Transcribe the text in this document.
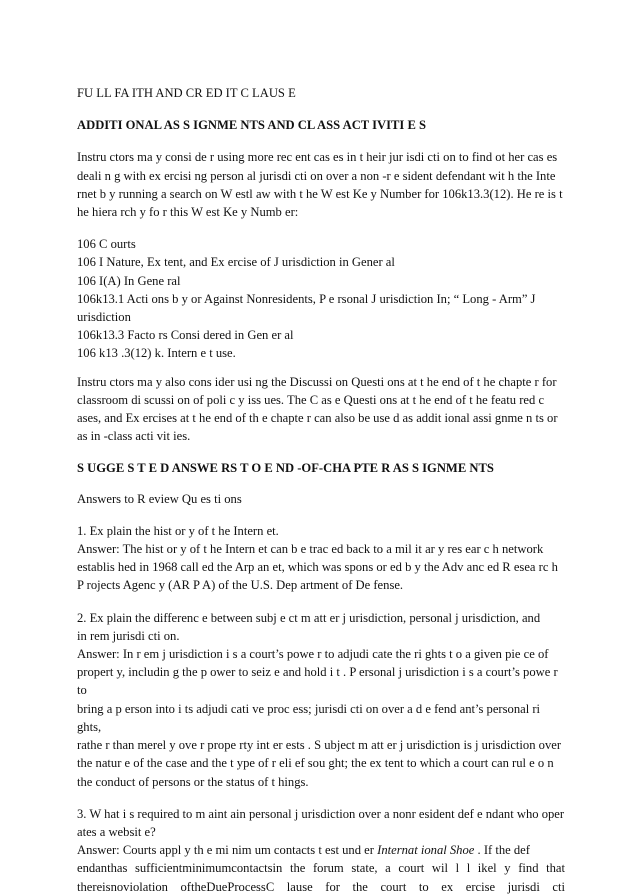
FU LL FA ITH AND CR ED IT C LAUS E

ADDITI ONAL AS S IGNME NTS AND CL ASS ACT IVITI E S

Instru ctors ma y consi de r using more rec ent cas es in t heir jur isdi cti on to find ot her cas es

deali n g with ex ercisi ng person al jurisdi cti on over a non -r e sident defendant wit h the Inte

rnet b y running a search on W estl aw with t he W est Ke y Number for 106k13.3(12). He re is t

he hiera rch y fo r this W est Ke y Numb er:

106 C ourts

106 I Nature, Ex tent, and Ex ercise of J urisdiction in Gener al

106 I(A) In Gene ral

106k13.1 Acti ons b y or Against Nonresidents, P e rsonal J urisdiction In; “ Long - Arm” J

urisdiction

106k13.3 Facto rs Consi dered in Gen er al

106 k13 .3(12) k. Intern e t use.

Instru ctors ma y also cons ider usi ng the Discussi on Questi ons at t he end of t he chapte r for

classroom di scussi on of poli c y iss ues. The C as e Questi ons at t he end of t he featu red c

ases, and Ex ercises at t he end of th e chapte r can also be use d as addit ional assi gnme n ts or

as in -class acti vit ies.

S UGGE S T E D ANSWE RS T O E ND -OF-CHA PTE R AS S IGNME NTS

Answers to R eview Qu es ti ons

1. Ex plain the hist or y of t he Intern et.

Answer: The hist or y of t he Intern et can b e trac ed back to a mil it ar y res ear c h network

establis hed in 1968 call ed the Arp an et, which was spons or ed b y the Adv anc ed R esea rc h

P rojects Agenc y (AR P A) of the U.S. Dep artment of De fense.

2. Ex plain the differenc e between subj e ct m att er j urisdiction, personal j urisdiction, and

in rem jurisdi cti on.

Answer: In r em j urisdiction i s a court’s powe r to adjudi cate the ri ghts t o a given pie ce of

propert y, includin g the p ower to seiz e and hold i t . P ersonal j urisdiction i s a court’s powe r to

bring a p erson into i ts adjudi cati ve proc ess; jurisdi cti on over a d e fend ant’s personal ri ghts,

rathe r than merel y ove r prope rty int er ests . S ubject m att er j urisdiction is j urisdiction over

the natur e of the case and the t ype of r eli ef sou ght; the ex tent to which a court can rul e o n

the conduct of persons or the status of t hings.

3. W hat i s required to m aint ain personal j urisdiction over a nonr esident def e ndant who oper

ates a websit e?

Answer: Courts appl y th e mi nim um contacts t est und er Internat ional Shoe . If the def

endanthas  sufficientminimumcontactsin  the  forum  state,  a  court  wil  l  l  ikel  y  find  that

thereisnoviolation   oftheDueProcessC   lause   for   the   court   to   ex   ercise   jurisdi   cti
